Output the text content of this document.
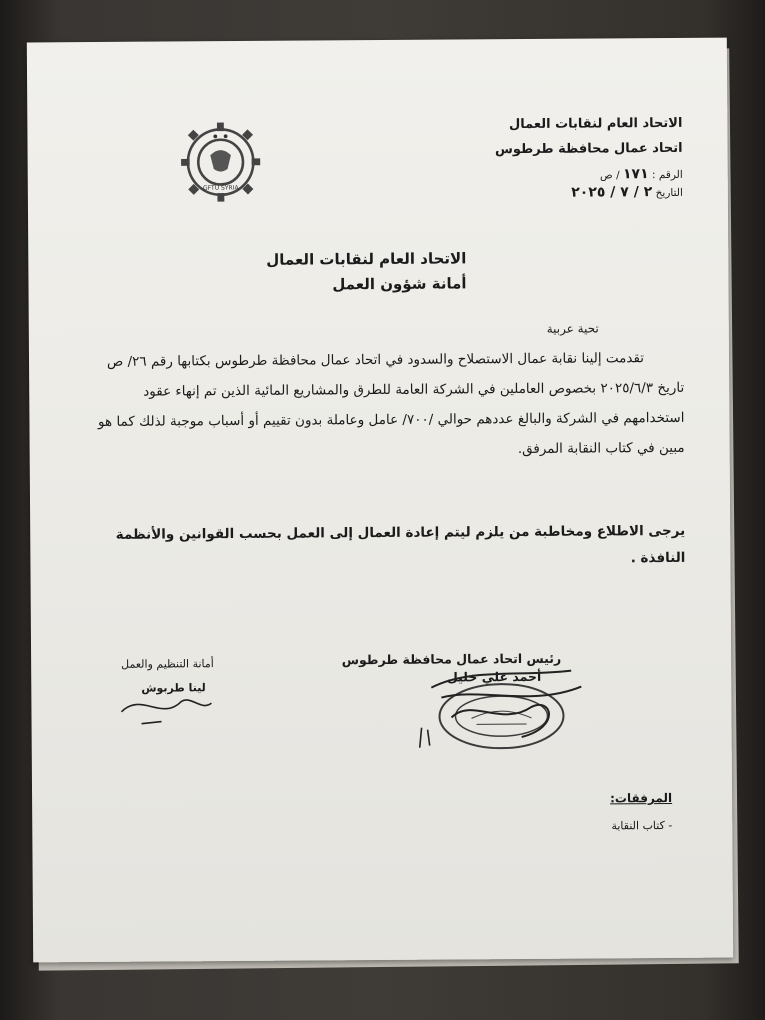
الاتحاد العام لنقابات العمال
اتحاد عمال محافظة طرطوس
الرقم : ١٧١ / ص
التاريخ ٢ / ٧ / ٢٠٢٥
GFTU SYRIA
الاتحاد العام لنقابات العمال
أمانة شؤون العمل
تحية عربية

تقدمت إلينا نقابة عمال الاستصلاح والسدود في اتحاد عمال محافظة طرطوس بكتابها رقم ٢٦/ ص تاريخ ٢٠٢٥/٦/٣ بخصوص العاملين في الشركة العامة للطرق والمشاريع المائية الذين تم إنهاء عقود استخدامهم في الشركة والبالغ عددهم حوالي /٧٠٠/ عامل وعاملة بدون تقييم أو أسباب موجبة لذلك كما هو مبين في كتاب النقابة المرفق.

يرجى الاطلاع ومخاطبة من يلزم ليتم إعادة العمال إلى العمل بحسب القوانين والأنظمة النافذة .
رئيس اتحاد عمال محافظة طرطوس
أحمد علي خليل
أمانة التنظيم والعمل
لينا طربوش
المرفقات:
- كتاب النقابة
